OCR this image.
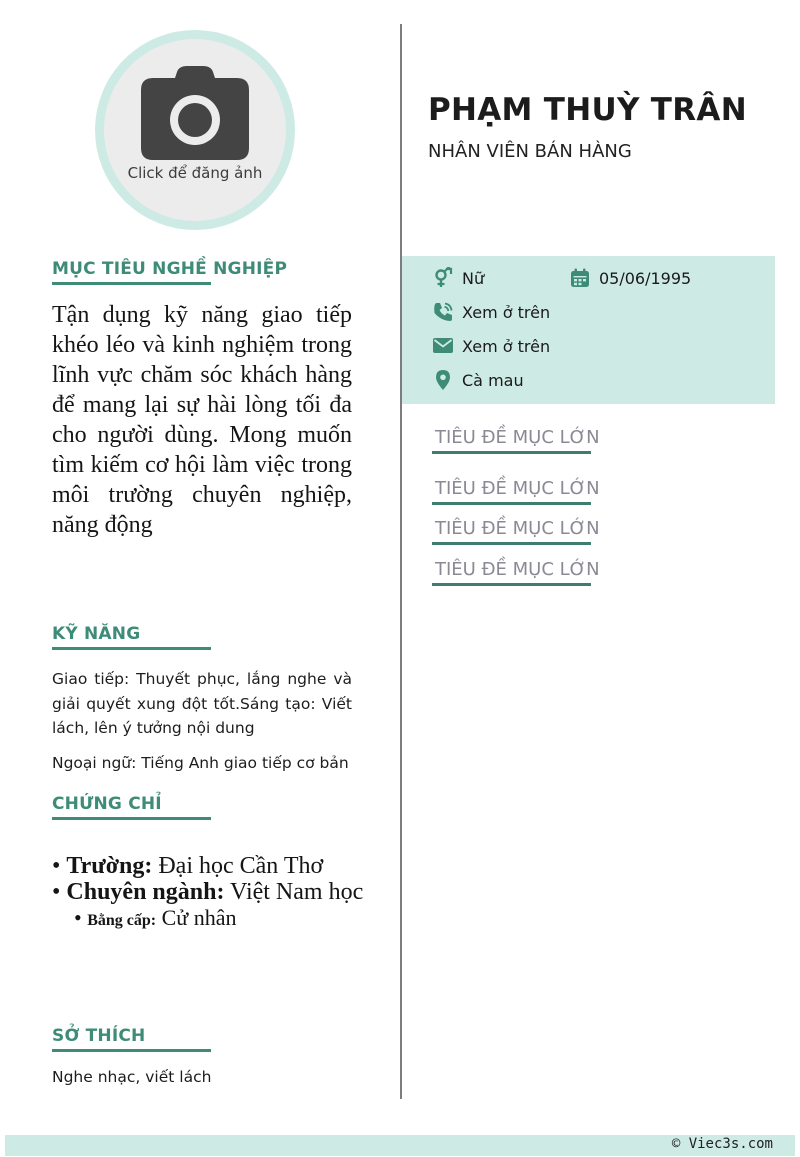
Click để đăng ảnh
MỤC TIÊU NGHỀ NGHIỆP
Tận dụng kỹ năng giao tiếp khéo léo và kinh nghiệm trong lĩnh vực chăm sóc khách hàng để mang lại sự hài lòng tối đa cho người dùng. Mong muốn tìm kiếm cơ hội làm việc trong môi trường chuyên nghiệp, năng động
KỸ NĂNG
Giao tiếp: Thuyết phục, lắng nghe và giải quyết xung đột tốt.Sáng tạo: Viết lách, lên ý tưởng nội dung
Ngoại ngữ: Tiếng Anh giao tiếp cơ bản
CHỨNG CHỈ
• Trường: Đại học Cần Thơ
• Chuyên ngành: Việt Nam học
• Bằng cấp: Cử nhân
SỞ THÍCH
Nghe nhạc, viết lách
PHẠM THUỲ TRÂN
NHÂN VIÊN BÁN HÀNG
Nữ	05/06/1995
Xem ở trên
Xem ở trên
Cà mau
TIÊU ĐỀ MỤC LỚN
TIÊU ĐỀ MỤC LỚN
TIÊU ĐỀ MỤC LỚN
TIÊU ĐỀ MỤC LỚN
© Viec3s.com
